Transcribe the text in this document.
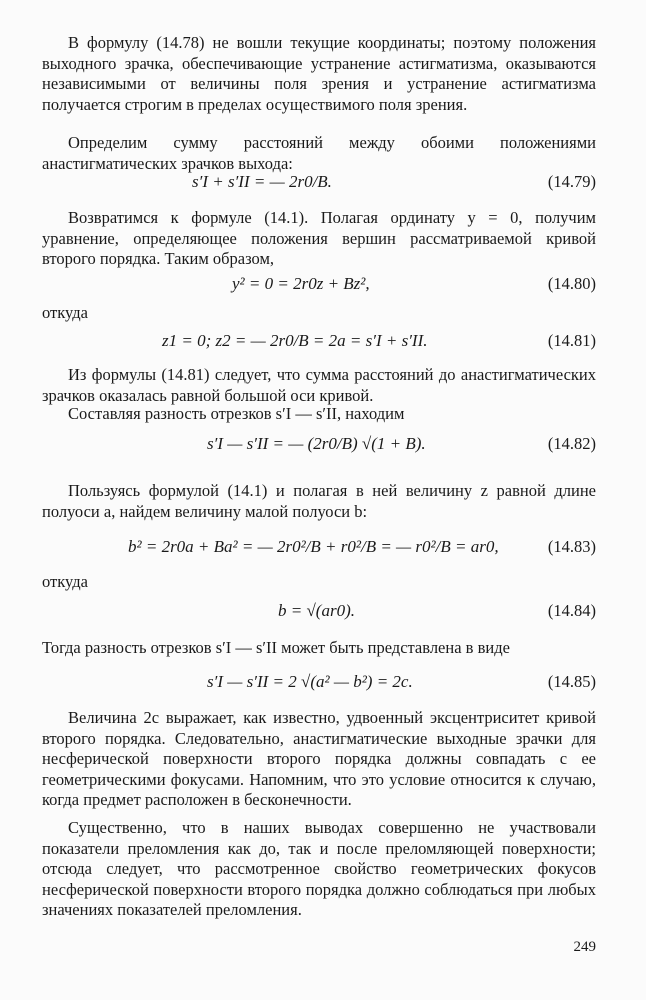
В формулу (14.78) не вошли текущие координаты; поэтому положения выходного зрачка, обеспечивающие устранение астигматизма, оказываются независимыми от величины поля зрения и устранение астигматизма получается строгим в пределах осуществимого поля зрения.

Определим сумму расстояний между обоими положениями анастигматических зрачков выхода:

s′I + s′II = — 2r0/B.	(14.79)

Возвратимся к формуле (14.1). Полагая ординату y = 0, получим уравнение, определяющее положения вершин рассматриваемой кривой второго порядка. Таким образом,

y² = 0 = 2r0z + Bz²,	(14.80)

откуда

z1 = 0; z2 = — 2r0/B = 2a = s′I + s′II.	(14.81)

Из формулы (14.81) следует, что сумма расстояний до анастигматических зрачков оказалась равной большой оси кривой.

Составляя разность отрезков s′I — s′II, находим

s′I — s′II = — (2r0/B) √(1 + B).	(14.82)

Пользуясь формулой (14.1) и полагая в ней величину z равной длине полуоси a, найдем величину малой полуоси b:

b² = 2r0a + Ba² = — 2r0²/B + r0²/B = — r0²/B = ar0,	(14.83)

откуда

b = √(ar0).	(14.84)

Тогда разность отрезков s′I — s′II может быть представлена в виде

s′I — s′II = 2 √(a² — b²) = 2c.	(14.85)

Величина 2c выражает, как известно, удвоенный эксцентриситет кривой второго порядка. Следовательно, анастигматические выходные зрачки для несферической поверхности второго порядка должны совпадать с ее геометрическими фокусами. Напомним, что это условие относится к случаю, когда предмет расположен в бесконечности.

Существенно, что в наших выводах совершенно не участвовали показатели преломления как до, так и после преломляющей поверхности; отсюда следует, что рассмотренное свойство геометрических фокусов несферической поверхности второго порядка должно соблюдаться при любых значениях показателей преломления.

249
